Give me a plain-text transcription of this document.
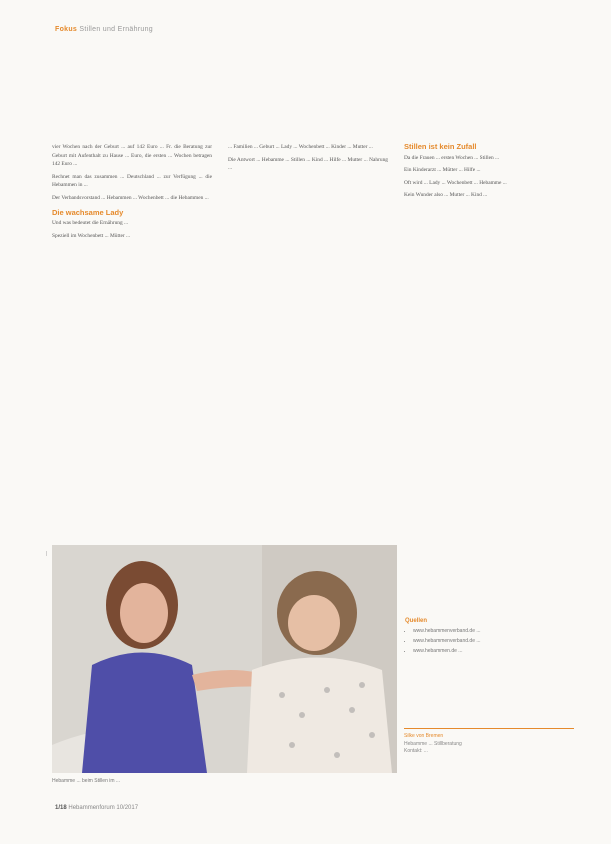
Fokus Stillen und Ernährung

vier Wochen nach der Geburt ... auf 142 Euro ... Fr. die Beratung zur Geburt mit Aufenthalt zu Hause ... Euro, die ersten ... Wochen betragen 142 Euro ...

Rechnet man das zusammen ... Deutschland ... zur Verfügung ... die Hebammen in ...

Der Verbandsvorstand ... Hebammen ... Wochenbett ... die Hebammen ...

Die wachsame Lady

Und was bedeutet die Ernährung ...

Speziell im Wochenbett ... Mütter ...

... Familien ... Geburt ... Lady ... Wochenbett ... Kinder ... Mutter ...

Die Antwort ... Hebamme ... Stillen ... Kind ... Hilfe ... Mutter ... Nahrung ...

Stillen ist kein Zufall

Da die Frauen ... ersten Wochen ... Stillen ...

Ein Kinderarzt ... Mütter ... Hilfe ...

Oft wird ... Lady ... Wochenbett ... Hebamme ...

Kein Wunder also ... Mutter ... Kind ...

|
Hebamme ... beim Stillen im ...
Quellen
• www.hebammenverband.de ...
• www.hebammenverband.de ...
• www.hebammen.de ...
Silke von Bremen
Hebamme ... Stillberatung
Kontakt: ...
1/18 Hebammenforum 10/2017
